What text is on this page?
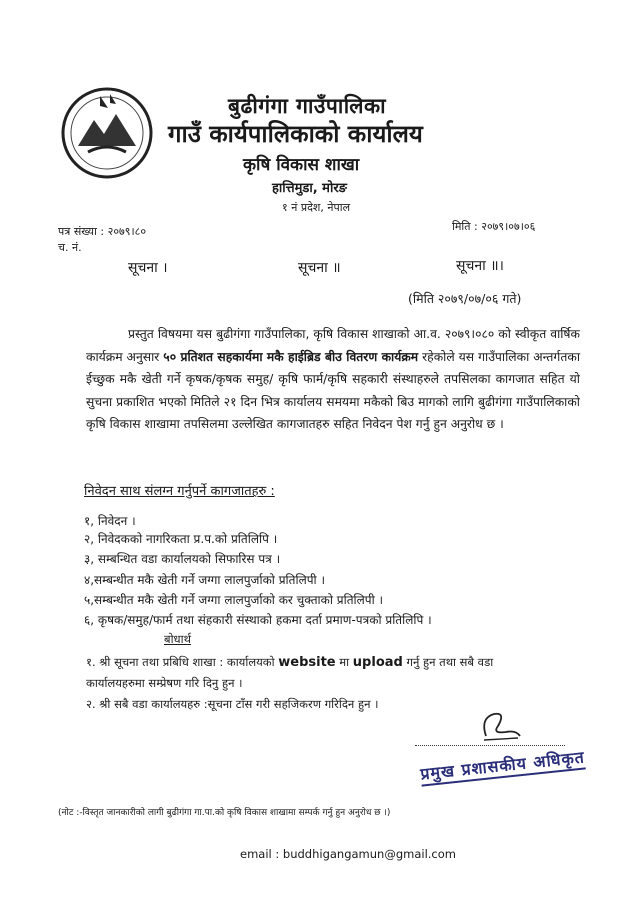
बुढीगंगा गाउँपालिका
गाउँ कार्यपालिकाको कार्यालय
कृषि विकास शाखा
हात्तिमुडा, मोरङ
१ नं प्रदेश, नेपाल
पत्र संख्या : २०७९।८०
च. नं.
मिति : २०७९।०७।०६
सूचना ।	सूचना ॥	सूचना ॥।
(मिति २०७९/०७/०६ गते)
प्रस्तुत विषयमा यस बुढीगंगा गाउँपालिका, कृषि विकास शाखाको आ.व. २०७९।०८० को स्वीकृत वार्षिक कार्यक्रम अनुसार ५० प्रतिशत सहकार्यमा मकै हाईब्रिड बीउ वितरण कार्यक्रम रहेकोले यस गाउँपालिका अन्तर्गतका ईच्छुक मकै खेती गर्ने कृषक/कृषक समुह/ कृषि फार्म/कृषि सहकारी संस्थाहरुले तपसिलका कागजात सहित यो सुचना प्रकाशित भएको मितिले २१ दिन भित्र कार्यालय समयमा मकैको बिउ मागको लागि बुढीगंगा गाउँपालिकाको कृषि विकास शाखामा तपसिलमा उल्लेखित कागजातहरु सहित निवेदन पेश गर्नु हुन अनुरोध छ ।
निवेदन साथ संलग्न गर्नुपर्ने कागजातहरु :
१, निवेदन ।
२, निवेदकको नागरिकता प्र.प.को प्रतिलिपि ।
३, सम्बन्धित वडा कार्यालयको सिफारिस पत्र ।
४,सम्बन्धीत मकै खेती गर्ने जग्गा लालपुर्जाको प्रतिलिपी ।
५,सम्बन्धीत मकै खेती गर्ने जग्गा लालपुर्जाको कर चुक्ताको प्रतिलिपी ।
६, कृषक/समुह/फार्म तथा संहकारी संस्थाको हकमा दर्ता प्रमाण-पत्रको प्रतिलिपि ।
बोधार्थ
१. श्री सूचना तथा प्रबिधि शाखा : कार्यालयको website मा upload गर्नु हुन तथा सबै वडा
कार्यालयहरुमा सम्प्रेषण गरि दिनु हुन ।
२. श्री सबै वडा कार्यालयहरु :सूचना टाँस गरी सहजिकरण गरिदिन हुन ।
प्रमुख प्रशासकीय अधिकृत
(नोट :-विस्तृत जानकारीको लागी बुढीगंगा गा.पा.को कृषि विकास शाखामा सम्पर्क गर्नु हुन अनुरोध छ ।)
email : buddhigangamun@gmail.com
